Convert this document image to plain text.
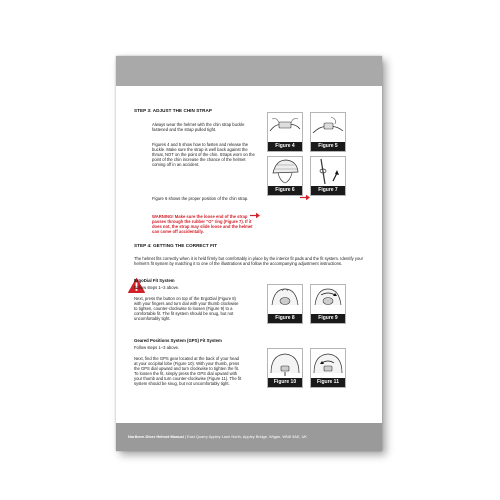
STEP 3: ADJUST THE CHIN STRAP
Always wear the helmet with the chin strap buckle fastened and the strap pulled tight.
Figures 4 and 5 show how to fasten and release the buckle. Make sure the strap is well back against the throat, NOT on the point of the chin. Straps worn on the point of the chin increase the chance of the helmet coming off in an accident.
Figure 6 shows the proper position of the chin strap.
WARNING! Make sure the loose end of the strap passes through the rubber "O" ring (Figure 7). If it does not, the strap may slide loose and the helmet can come off accidentally.
Figure 4	Figure 5
Figure 6	Figure 7
STEP 4: GETTING THE CORRECT FIT
The helmet fits correctly when it is held firmly but comfortably in place by the interior fit pads and the fit system. Identify your helmet's fit system by matching it to one of the illustrations and follow the accompanying adjustment instructions.
ErgoDial Fit System
Follow steps 1–3 above.
Next, press the button on top of the ErgoDial (Figure 8) with your fingers and turn dial with your thumb clockwise to tighten, counter-clockwise to loosen (Figure 9) to a comfortable fit. The fit system should be snug, but not uncomfortably tight.
Geared Positions System (GPS) Fit System
Follow steps 1–3 above.
Next, find the GPS gear located at the back of your head at your occipital lobe (Figure 10). With your thumb, press the GPS dial upward and turn clockwise to tighten the fit. To loosen the fit, simply press the GPS dial upward with your thumb and turn counter-clockwise (Figure 11). The fit system should be snug, but not uncomfortably tight.
Figure 8	Figure 9
Figure 10	Figure 11
Northern Diver Helmet Manual | East Quarry Appley Lane North, Appley Bridge, Wigan, WN6 9AE, UK
